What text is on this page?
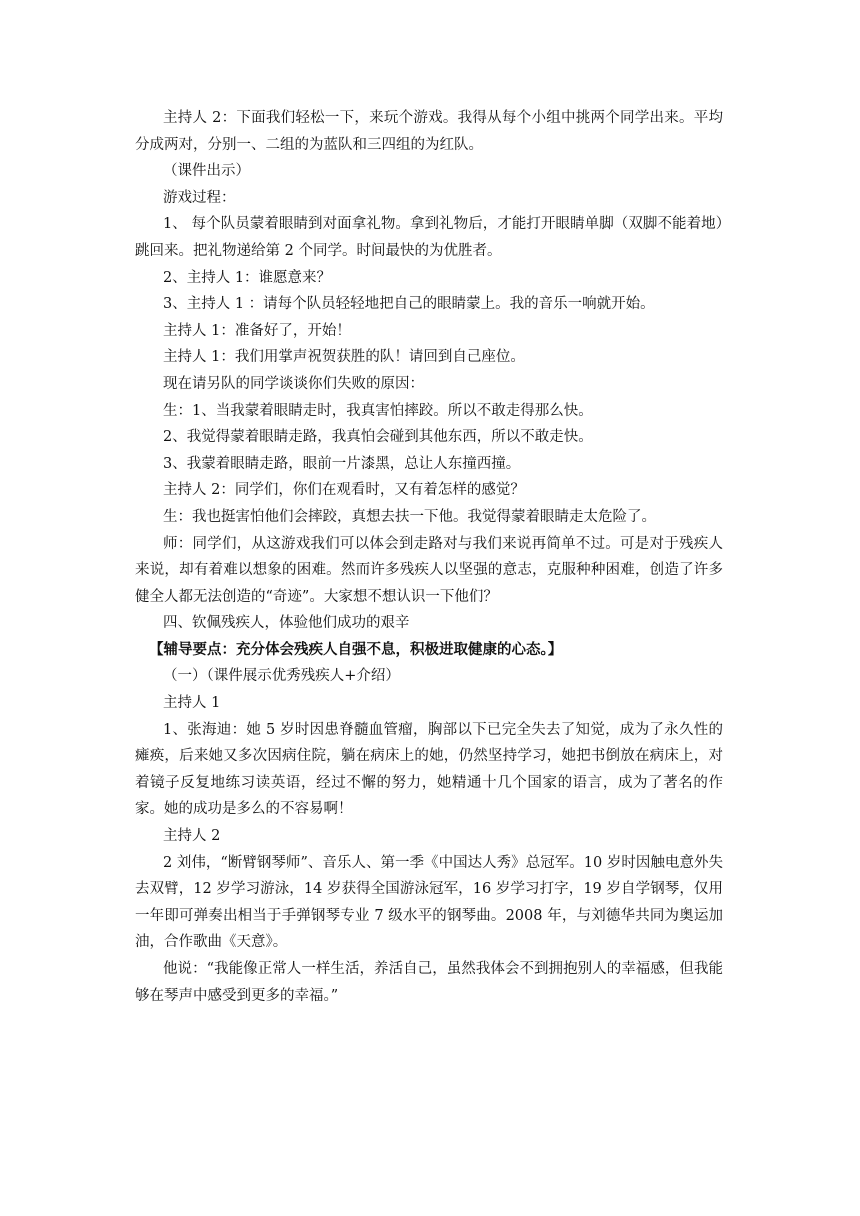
主持人 2：下面我们轻松一下，来玩个游戏。我得从每个小组中挑两个同学出来。平均分成两对，分别一、二组的为蓝队和三四组的为红队。

（课件出示）

游戏过程：

1、 每个队员蒙着眼睛到对面拿礼物。拿到礼物后，才能打开眼睛单脚（双脚不能着地）跳回来。把礼物递给第 2 个同学。时间最快的为优胜者。

2、主持人 1：谁愿意来？

3、主持人 1 ：请每个队员轻轻地把自己的眼睛蒙上。我的音乐一响就开始。

主持人 1：准备好了，开始！

主持人 1：我们用掌声祝贺获胜的队！请回到自己座位。

现在请另队的同学谈谈你们失败的原因：

生：1、当我蒙着眼睛走时，我真害怕摔跤。所以不敢走得那么快。

2、我觉得蒙着眼睛走路，我真怕会碰到其他东西，所以不敢走快。

3、我蒙着眼睛走路，眼前一片漆黑，总让人东撞西撞。

主持人 2：同学们，你们在观看时，又有着怎样的感觉？

生：我也挺害怕他们会摔跤，真想去扶一下他。我觉得蒙着眼睛走太危险了。

师：同学们，从这游戏我们可以体会到走路对与我们来说再简单不过。可是对于残疾人来说，却有着难以想象的困难。然而许多残疾人以坚强的意志，克服种种困难，创造了许多健全人都无法创造的“奇迹”。大家想不想认识一下他们？

四、钦佩残疾人，体验他们成功的艰辛

【辅导要点：充分体会残疾人自强不息，积极进取健康的心态。】

（一）（课件展示优秀残疾人+介绍）

主持人 1

1、张海迪：她 5 岁时因患脊髓血管瘤，胸部以下已完全失去了知觉，成为了永久性的瘫痪，后来她又多次因病住院，躺在病床上的她，仍然坚持学习，她把书倒放在病床上，对着镜子反复地练习读英语，经过不懈的努力，她精通十几个国家的语言，成为了著名的作家。她的成功是多么的不容易啊！

主持人 2

2 刘伟，“断臂钢琴师”、音乐人、第一季《中国达人秀》总冠军。10 岁时因触电意外失去双臂，12 岁学习游泳，14 岁获得全国游泳冠军，16 岁学习打字，19 岁自学钢琴，仅用一年即可弹奏出相当于手弹钢琴专业 7 级水平的钢琴曲。2008 年，与刘德华共同为奥运加油，合作歌曲《天意》。

他说：“我能像正常人一样生活，养活自己，虽然我体会不到拥抱别人的幸福感，但我能够在琴声中感受到更多的幸福。”
